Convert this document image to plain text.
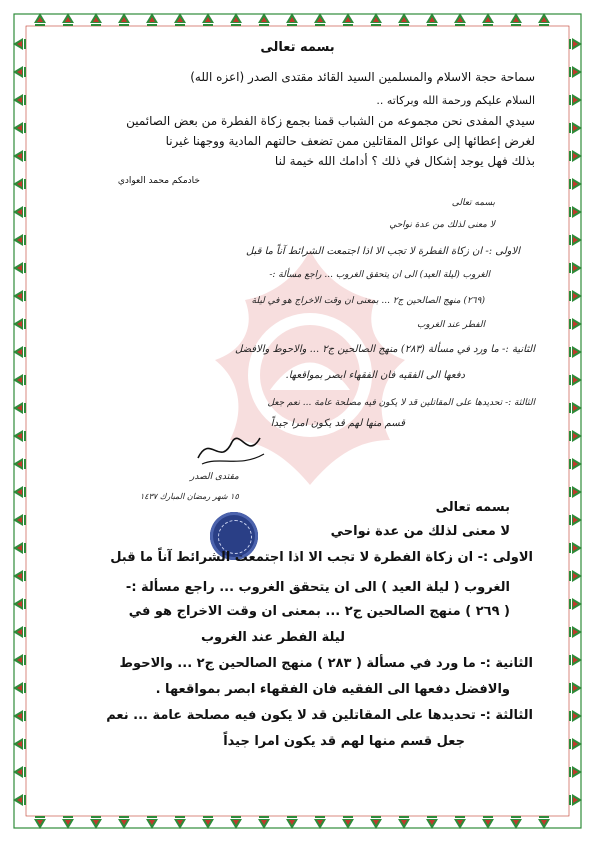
بسمه تعالى
سماحة حجة الاسلام والمسلمين السيد القائد مقتدى الصدر (اعزه الله)
السلام عليكم ورحمة الله وبركاته ..
سيدي المفدى نحن مجموعه من الشباب قمنا بجمع زكاة الفطرة من بعض الصائمين
لغرض إعطائها إلى عوائل المقاتلين ممن تضعف حالتهم المادية ووجهنا غيرنا
بذلك فهل يوجد إشكال في ذلك ؟ أدامك الله خيمة لنا
خادمكم محمد العوادي
بسمه تعالى
لا معنى لذلك من عدة نواحي
الاولى :- ان زكاة الفطرة لا تجب الا اذا اجتمعت الشرائط آناً ما قبل
الغروب (ليلة العيد) الى ان يتحقق الغروب ... راجع مسألة :-
(٢٦٩) منهج الصالحين ج٢ ... بمعنى ان وقت الاخراج هو في ليلة
الفطر عند الغروب
الثانية :- ما ورد في مسألة (٢٨٣) منهج الصالحين ج٢ ... والاحوط والافضل
دفعها الى الفقيه فان الفقهاء ابصر بمواقعها.
الثالثة :- تحديدها على المقاتلين قد لا يكون فيه مصلحة عامة ... نعم جعل
قسم منها لهم قد يكون امرا جيداً
مقتدى الصدر
١٥ شهر رمضان المبارك ١٤٣٧
بسمه تعالى
لا معنى لذلك من عدة نواحي
الاولى :- ان زكاة الفطرة لا تجب الا اذا اجتمعت الشرائط آناً ما قبل
الغروب ( ليلة العيد ) الى ان يتحقق الغروب ... راجع مسألة :-
( ٢٦٩ ) منهج الصالحين ج٢ ... بمعنى ان وقت الاخراج هو في
ليلة الفطر عند الغروب
الثانية :- ما ورد في مسألة ( ٢٨٣ ) منهج الصالحين ج٢ ... والاحوط
والافضل دفعها الى الفقيه فان الفقهاء ابصر بمواقعها .
الثالثة :- تحديدها على المقاتلين قد لا يكون فيه مصلحة عامة ... نعم
جعل قسم منها لهم قد يكون امرا جيداً
